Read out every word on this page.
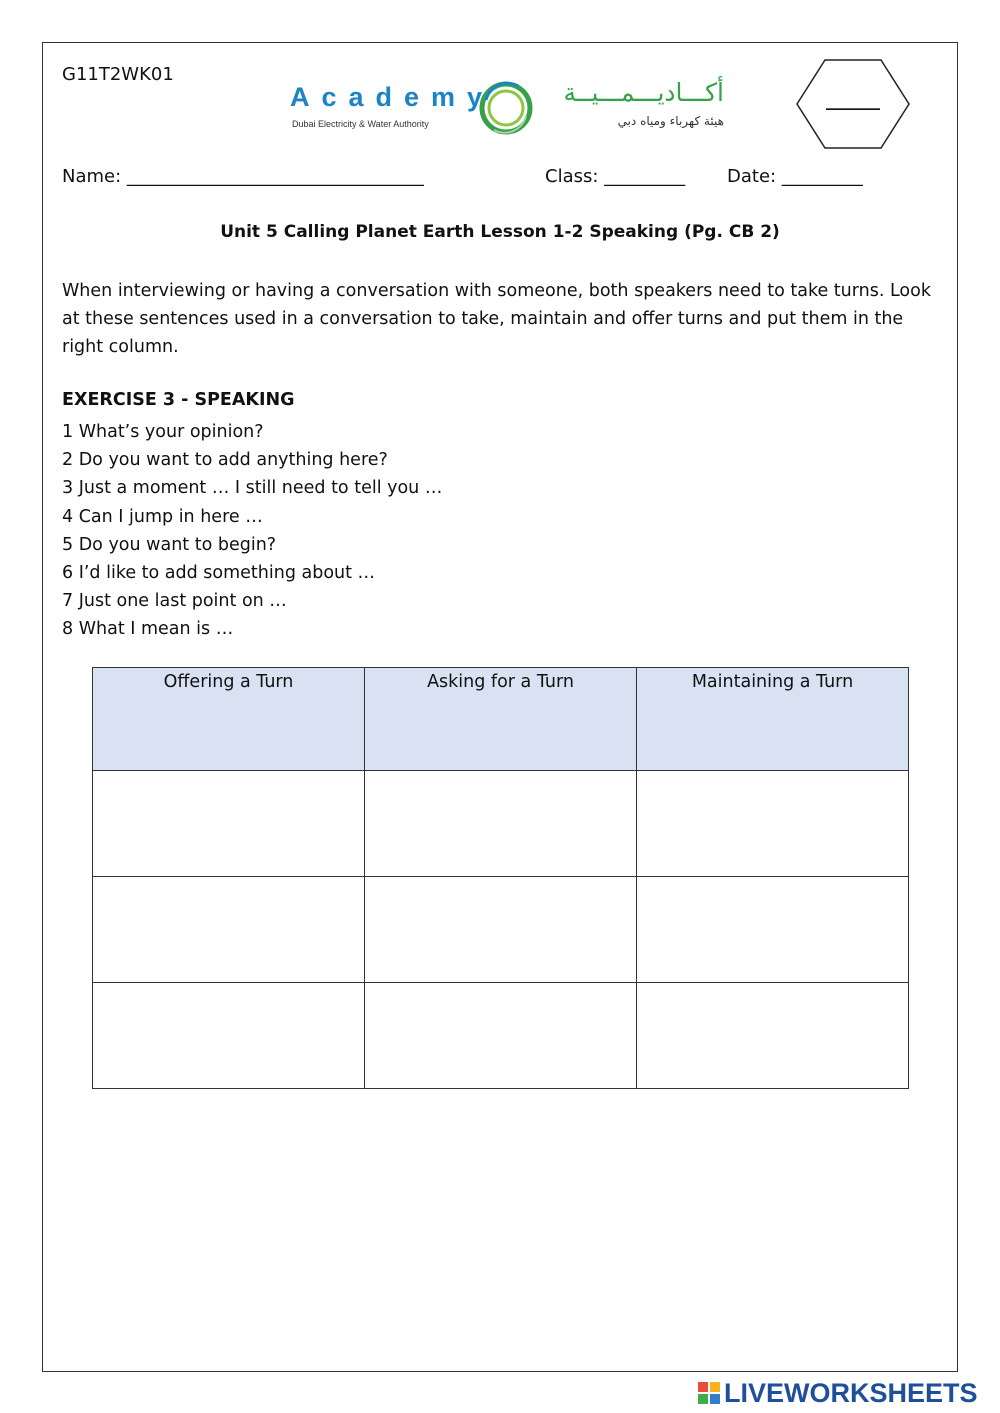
G11T2WK01
Academy
Dubai Electricity & Water Authority
أكـــاديـــمـــيــة
هيئة كهرباء ومياه دبي
______
Name: _________________________________	Class: _________ Date: _________
Unit 5 Calling Planet Earth Lesson 1-2 Speaking (Pg. CB 2)

When interviewing or having a conversation with someone, both speakers need to take turns. Look at these sentences used in a conversation to take, maintain and offer turns and put them in the right column.

EXERCISE 3 - SPEAKING
1 What’s your opinion?
2 Do you want to add anything here?
3 Just a moment … I still need to tell you …
4 Can I jump in here …
5 Do you want to begin?
6 I’d like to add something about …
7 Just one last point on …
8 What I mean is …
Offering a Turn	Asking for a Turn	Maintaining a Turn

LIVEWORKSHEETS
